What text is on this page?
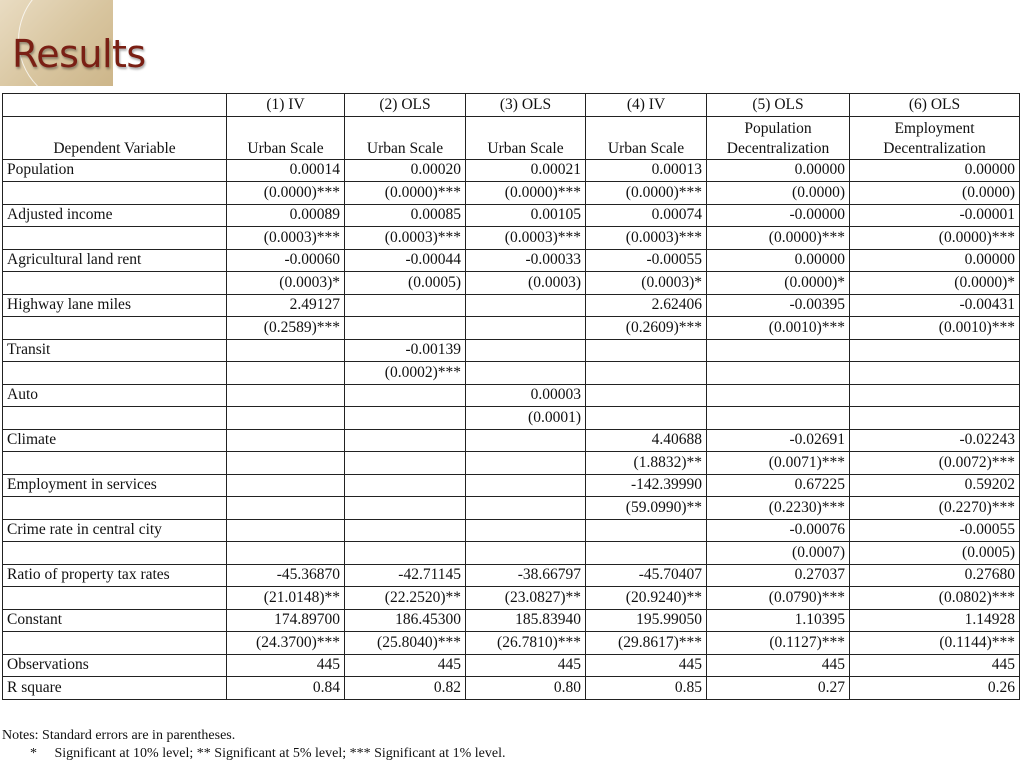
Results
	(1) IV	(2) OLS	(3) OLS	(4) IV	(5) OLS	(6) OLS
Dependent Variable	Urban Scale	Urban Scale	Urban Scale	Urban Scale	Population Decentralization	Employment Decentralization
Population	0.00014	0.00020	0.00021	0.00013	0.00000	0.00000
	(0.0000)***	(0.0000)***	(0.0000)***	(0.0000)***	(0.0000)	(0.0000)
Adjusted income	0.00089	0.00085	0.00105	0.00074	-0.00000	-0.00001
	(0.0003)***	(0.0003)***	(0.0003)***	(0.0003)***	(0.0000)***	(0.0000)***
Agricultural land rent	-0.00060	-0.00044	-0.00033	-0.00055	0.00000	0.00000
	(0.0003)*	(0.0005)	(0.0003)	(0.0003)*	(0.0000)*	(0.0000)*
Highway lane miles	2.49127			2.62406	-0.00395	-0.00431
	(0.2589)***			(0.2609)***	(0.0010)***	(0.0010)***
Transit		-0.00139				
		(0.0002)***				
Auto			0.00003			
			(0.0001)			
Climate				4.40688	-0.02691	-0.02243
				(1.8832)**	(0.0071)***	(0.0072)***
Employment in services				-142.39990	0.67225	0.59202
				(59.0990)**	(0.2230)***	(0.2270)***
Crime rate in central city					-0.00076	-0.00055
					(0.0007)	(0.0005)
Ratio of property tax rates	-45.36870	-42.71145	-38.66797	-45.70407	0.27037	0.27680
	(21.0148)**	(22.2520)**	(23.0827)**	(20.9240)**	(0.0790)***	(0.0802)***
Constant	174.89700	186.45300	185.83940	195.99050	1.10395	1.14928
	(24.3700)***	(25.8040)***	(26.7810)***	(29.8617)***	(0.1127)***	(0.1144)***
Observations	445	445	445	445	445	445
R square	0.84	0.82	0.80	0.85	0.27	0.26
Notes: Standard errors are in parentheses.
*     Significant at 10% level; ** Significant at 5% level; *** Significant at 1% level.
